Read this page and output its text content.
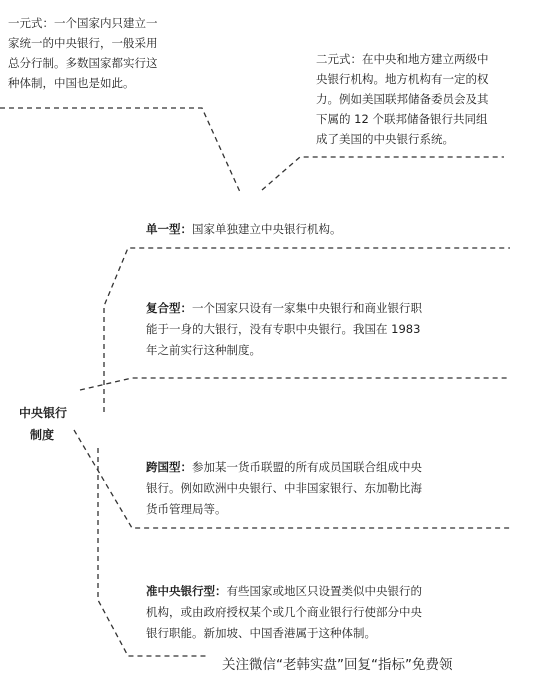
一元式：一个国家内只建立一
家统一的中央银行，一般采用
总分行制。多数国家都实行这
种体制，中国也是如此。
二元式：在中央和地方建立两级中
央银行机构。地方机构有一定的权
力。例如美国联邦储备委员会及其
下属的 12 个联邦储备银行共同组
成了美国的中央银行系统。
中央银行
制度
单一型：国家单独建立中央银行机构。
复合型：一个国家只设有一家集中央银行和商业银行职
能于一身的大银行，没有专职中央银行。我国在 1983
年之前实行这种制度。
跨国型：参加某一货币联盟的所有成员国联合组成中央
银行。例如欧洲中央银行、中非国家银行、东加勒比海
货币管理局等。
准中央银行型：有些国家或地区只设置类似中央银行的
机构，或由政府授权某个或几个商业银行行使部分中央
银行职能。新加坡、中国香港属于这种体制。
关注微信“老韩实盘”回复“指标”免费领
